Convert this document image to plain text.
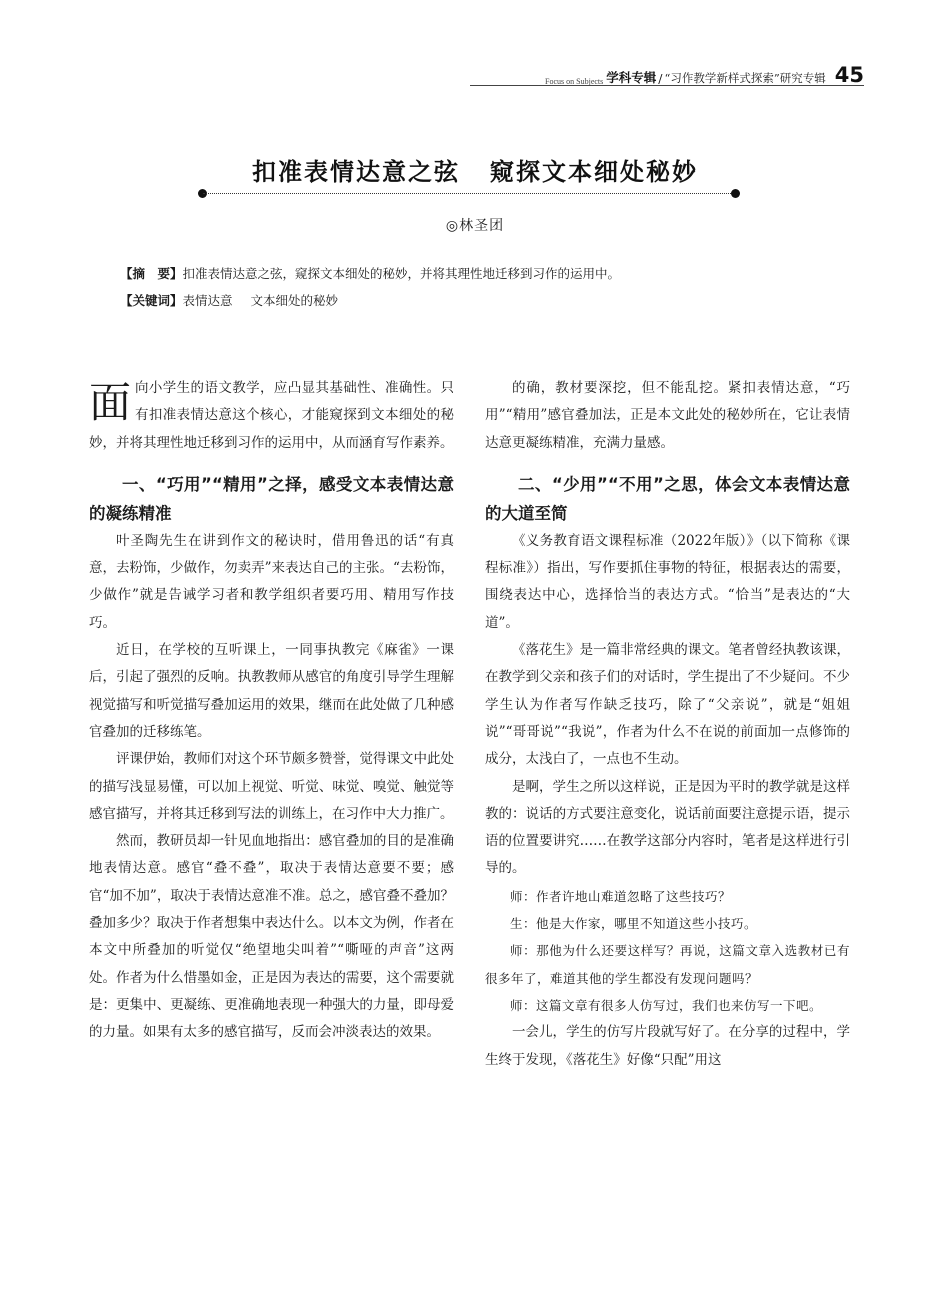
Focus on Subjects 学科专辑 / “习作教学新样式探索”研究专辑 45
扣准表情达意之弦 窥探文本细处秘妙
◎林圣团
【摘　要】扣准表情达意之弦，窥探文本细处的秘妙，并将其理性地迁移到习作的运用中。
【关键词】表情达意 文本细处的秘妙

面向小学生的语文教学，应凸显其基础性、准确性。只有扣准表情达意这个核心，才能窥探到文本细处的秘妙，并将其理性地迁移到习作的运用中，从而涵育写作素养。

一、“巧用”“精用”之择，感受文本表情达意的凝练精准

叶圣陶先生在讲到作文的秘诀时，借用鲁迅的话“有真意，去粉饰，少做作，勿卖弄”来表达自己的主张。“去粉饰，少做作”就是告诫学习者和教学组织者要巧用、精用写作技巧。

近日，在学校的互听课上，一同事执教完《麻雀》一课后，引起了强烈的反响。执教教师从感官的角度引导学生理解视觉描写和听觉描写叠加运用的效果，继而在此处做了几种感官叠加的迁移练笔。

评课伊始，教师们对这个环节颇多赞誉，觉得课文中此处的描写浅显易懂，可以加上视觉、听觉、味觉、嗅觉、触觉等感官描写，并将其迁移到写法的训练上，在习作中大力推广。

然而，教研员却一针见血地指出：感官叠加的目的是准确地表情达意。感官“叠不叠”，取决于表情达意要不要；感官“加不加”，取决于表情达意准不准。总之，感官叠不叠加？叠加多少？取决于作者想集中表达什么。以本文为例，作者在本文中所叠加的听觉仅“绝望地尖叫着”“嘶哑的声音”这两处。作者为什么惜墨如金，正是因为表达的需要，这个需要就是：更集中、更凝练、更准确地表现一种强大的力量，即母爱的力量。如果有太多的感官描写，反而会冲淡表达的效果。

的确，教材要深挖，但不能乱挖。紧扣表情达意，“巧用”“精用”感官叠加法，正是本文此处的秘妙所在，它让表情达意更凝练精准，充满力量感。

二、“少用”“不用”之思，体会文本表情达意的大道至简

《义务教育语文课程标准（2022年版）》（以下简称《课程标准》）指出，写作要抓住事物的特征，根据表达的需要，围绕表达中心，选择恰当的表达方式。“恰当”是表达的“大道”。

《落花生》是一篇非常经典的课文。笔者曾经执教该课，在教学到父亲和孩子们的对话时，学生提出了不少疑问。不少学生认为作者写作缺乏技巧，除了“父亲说”，就是“姐姐说”“哥哥说”“我说”，作者为什么不在说的前面加一点修饰的成分，太浅白了，一点也不生动。

是啊，学生之所以这样说，正是因为平时的教学就是这样教的：说话的方式要注意变化，说话前面要注意提示语，提示语的位置要讲究……在教学这部分内容时，笔者是这样进行引导的。

师：作者许地山难道忽略了这些技巧？

生：他是大作家，哪里不知道这些小技巧。

师：那他为什么还要这样写？再说，这篇文章入选教材已有很多年了，难道其他的学生都没有发现问题吗？

师：这篇文章有很多人仿写过，我们也来仿写一下吧。

一会儿，学生的仿写片段就写好了。在分享的过程中，学生终于发现，《落花生》好像“只配”用这
